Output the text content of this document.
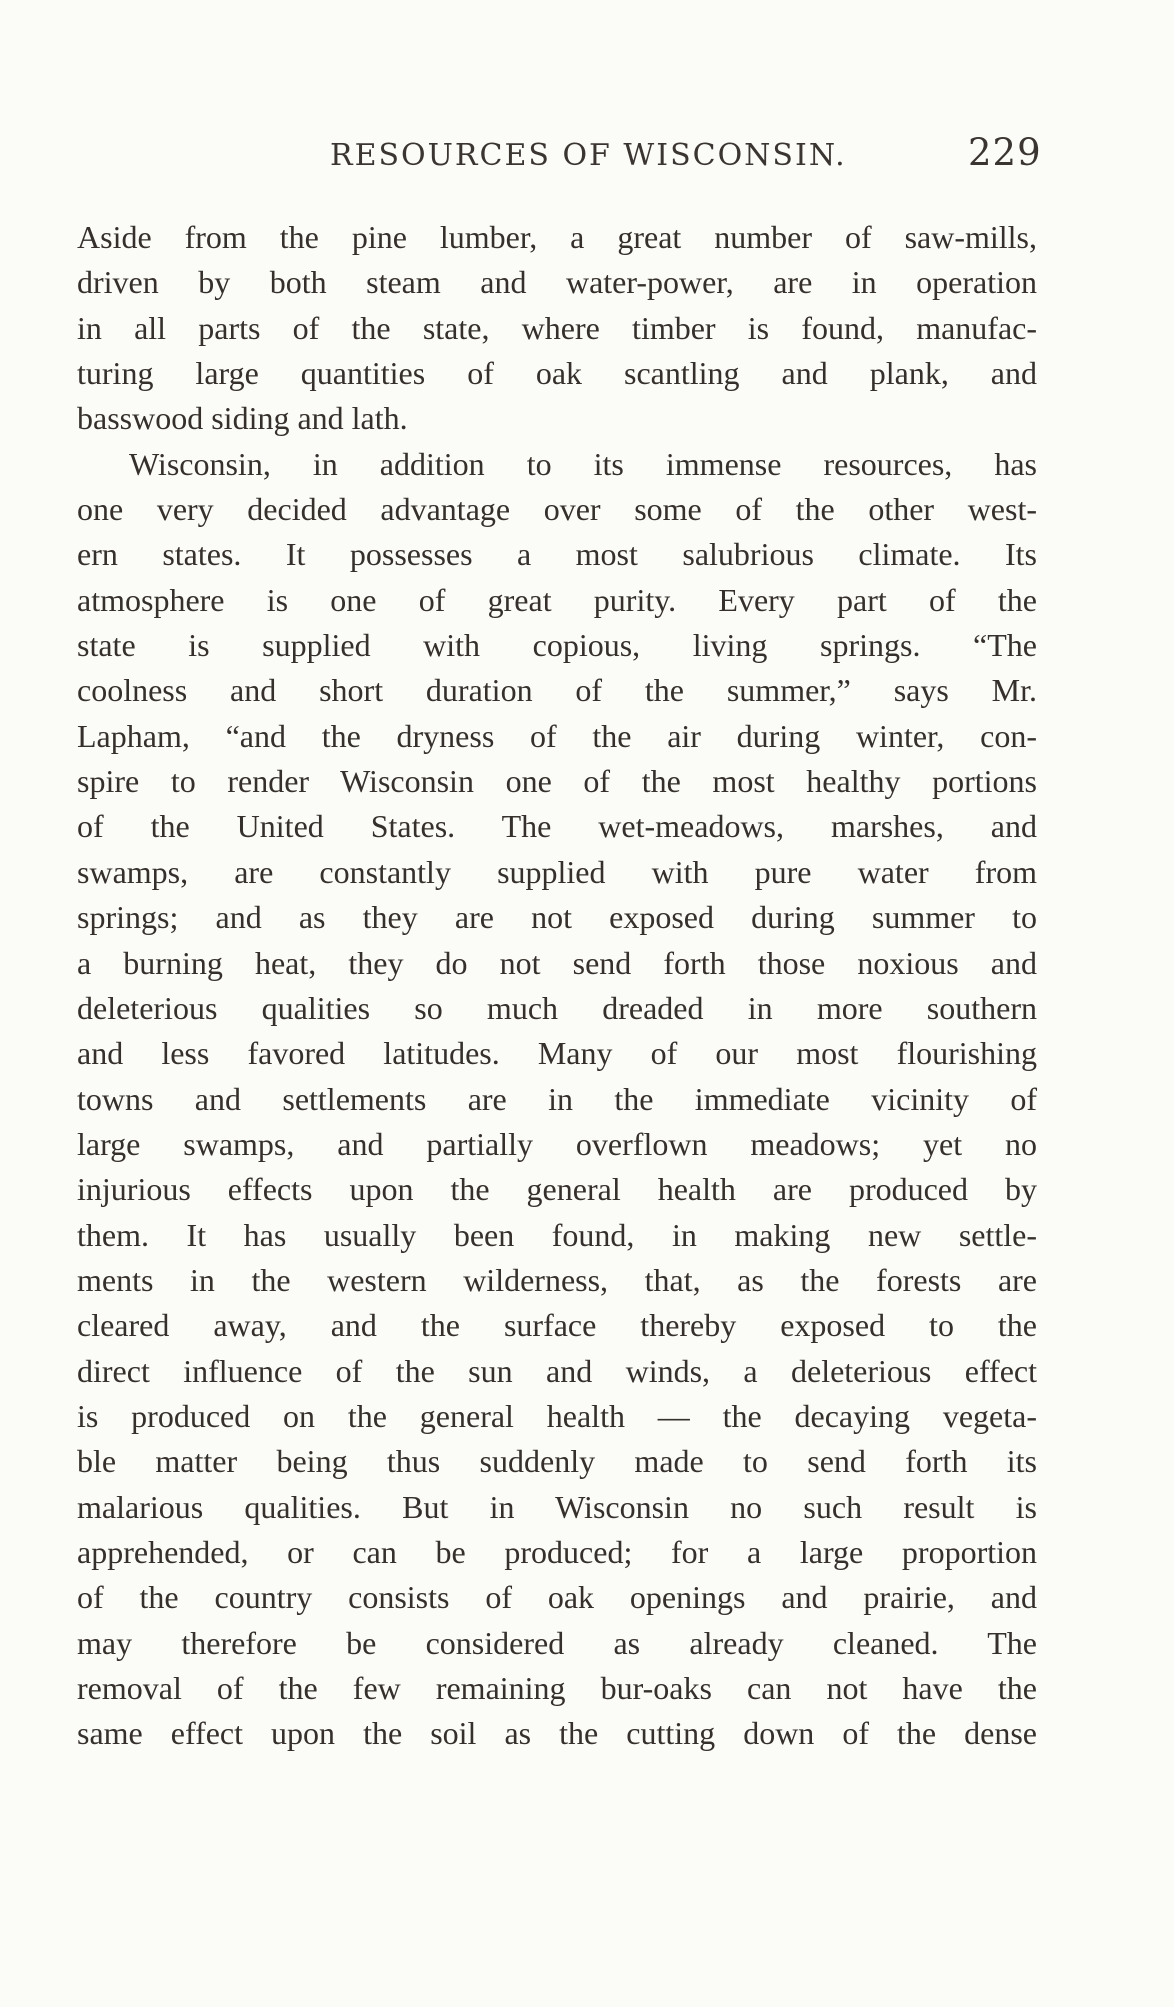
RESOURCES OF WISCONSIN.	229
Aside from the pine lumber, a great number of saw-mills,
driven by both steam and water-power, are in operation
in all parts of the state, where timber is found, manufac-
turing large quantities of oak scantling and plank, and
basswood siding and lath.
Wisconsin, in addition to its immense resources, has
one very decided advantage over some of the other west-
ern states. It possesses a most salubrious climate. Its
atmosphere is one of great purity. Every part of the
state is supplied with copious, living springs. “The
coolness and short duration of the summer,” says Mr.
Lapham, “and the dryness of the air during winter, con-
spire to render Wisconsin one of the most healthy portions
of the United States. The wet-meadows, marshes, and
swamps, are constantly supplied with pure water from
springs; and as they are not exposed during summer to
a burning heat, they do not send forth those noxious and
deleterious qualities so much dreaded in more southern
and less favored latitudes. Many of our most flourishing
towns and settlements are in the immediate vicinity of
large swamps, and partially overflown meadows; yet no
injurious effects upon the general health are produced by
them. It has usually been found, in making new settle-
ments in the western wilderness, that, as the forests are
cleared away, and the surface thereby exposed to the
direct influence of the sun and winds, a deleterious effect
is produced on the general health — the decaying vegeta-
ble matter being thus suddenly made to send forth its
malarious qualities. But in Wisconsin no such result is
apprehended, or can be produced; for a large proportion
of the country consists of oak openings and prairie, and
may therefore be considered as already cleaned. The
removal of the few remaining bur-oaks can not have the
same effect upon the soil as the cutting down of the dense
